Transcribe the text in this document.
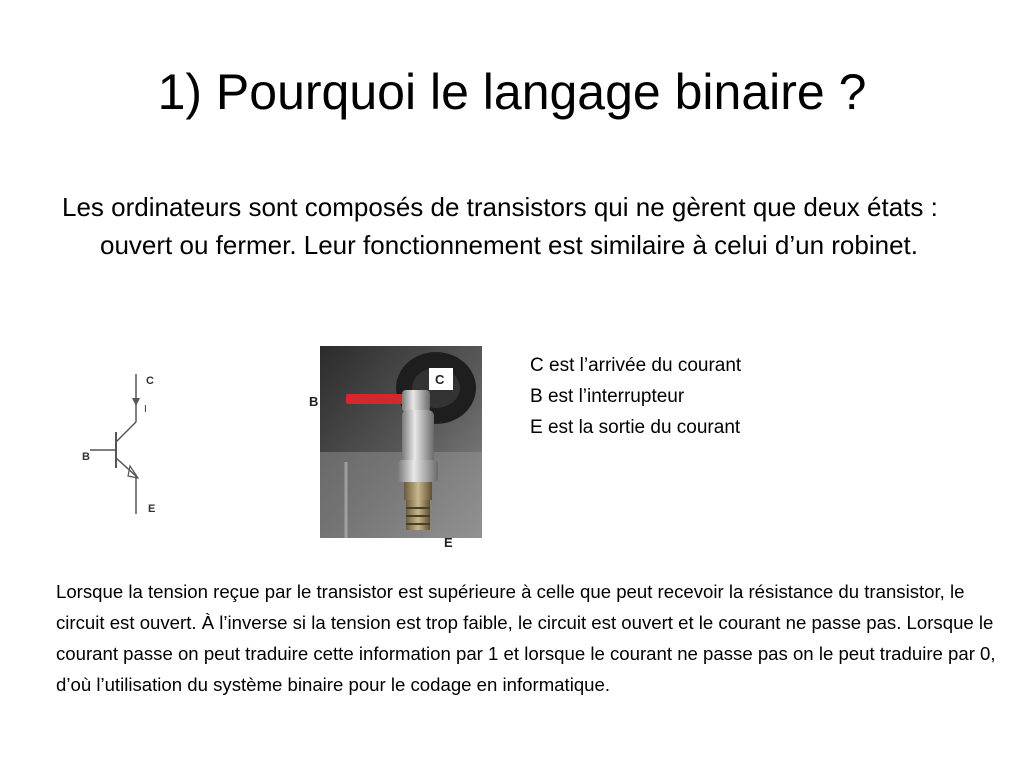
1) Pourquoi le langage binaire ?
Les ordinateurs sont composés de transistors qui ne gèrent que deux états : ouvert ou fermer. Leur fonctionnement est similaire à celui d’un robinet.
C
I
B
E
C
B
E
C est l’arrivée du courant
B est l’interrupteur
E est la sortie du courant
Lorsque la tension reçue par le transistor est supérieure à celle que peut recevoir la résistance du transistor, le circuit est ouvert. À l’inverse si la tension est trop faible, le circuit est ouvert et le courant ne passe pas. Lorsque le courant passe on peut traduire cette information par 1 et lorsque le courant ne passe pas on le peut traduire par 0, d’où l’utilisation du système binaire pour le codage en informatique.
